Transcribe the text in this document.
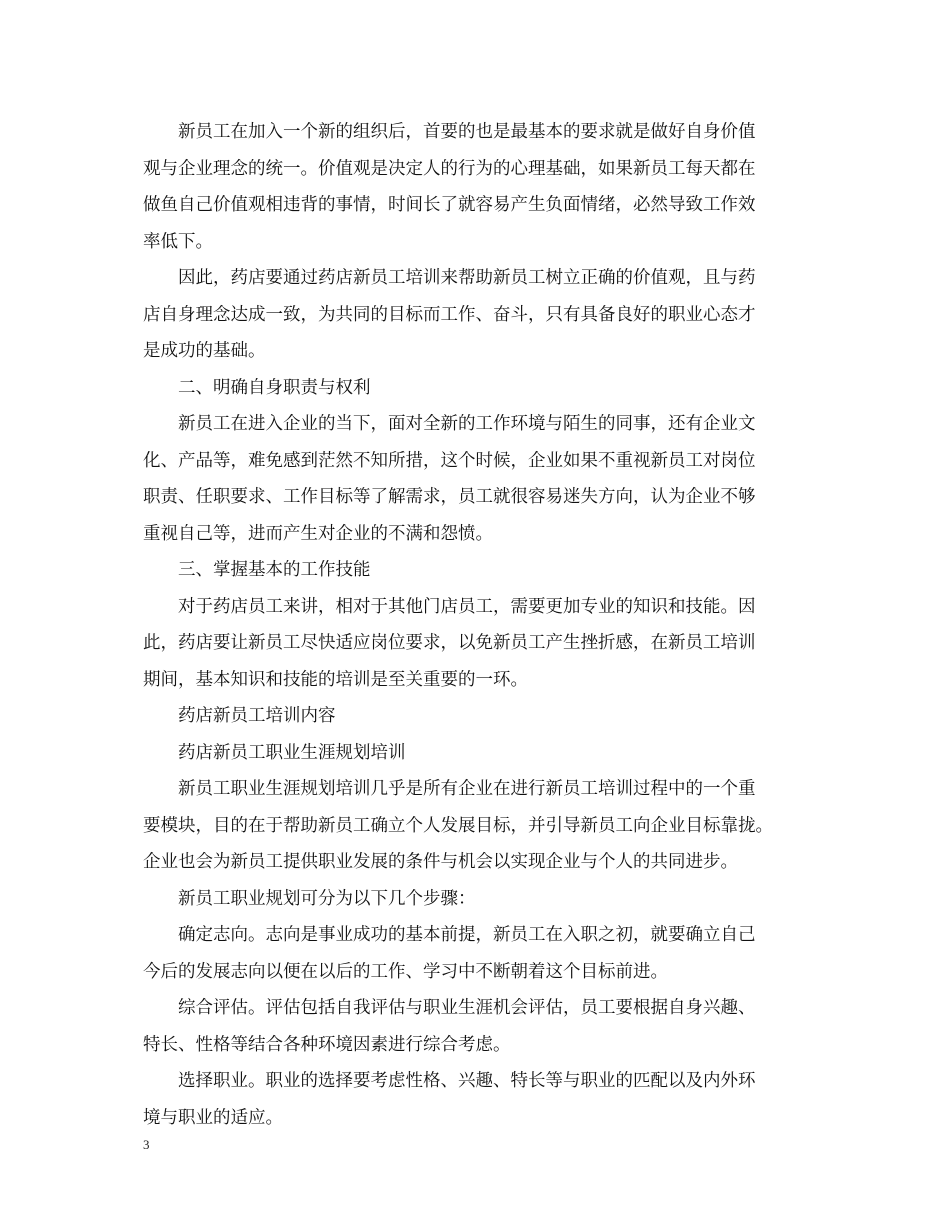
新员工在加入一个新的组织后，首要的也是最基本的要求就是做好自身价值
观与企业理念的统一。价值观是决定人的行为的心理基础，如果新员工每天都在
做鱼自己价值观相违背的事情，时间长了就容易产生负面情绪，必然导致工作效
率低下。
因此，药店要通过药店新员工培训来帮助新员工树立正确的价值观，且与药
店自身理念达成一致，为共同的目标而工作、奋斗，只有具备良好的职业心态才
是成功的基础。
二、明确自身职责与权利
新员工在进入企业的当下，面对全新的工作环境与陌生的同事，还有企业文
化、产品等，难免感到茫然不知所措，这个时候，企业如果不重视新员工对岗位
职责、任职要求、工作目标等了解需求，员工就很容易迷失方向，认为企业不够
重视自己等，进而产生对企业的不满和怨愤。
三、掌握基本的工作技能
对于药店员工来讲，相对于其他门店员工，需要更加专业的知识和技能。因
此，药店要让新员工尽快适应岗位要求，以免新员工产生挫折感，在新员工培训
期间，基本知识和技能的培训是至关重要的一环。
药店新员工培训内容
药店新员工职业生涯规划培训
新员工职业生涯规划培训几乎是所有企业在进行新员工培训过程中的一个重
要模块，目的在于帮助新员工确立个人发展目标，并引导新员工向企业目标靠拢。
企业也会为新员工提供职业发展的条件与机会以实现企业与个人的共同进步。
新员工职业规划可分为以下几个步骤：
确定志向。志向是事业成功的基本前提，新员工在入职之初，就要确立自己
今后的发展志向以便在以后的工作、学习中不断朝着这个目标前进。
综合评估。评估包括自我评估与职业生涯机会评估，员工要根据自身兴趣、
特长、性格等结合各种环境因素进行综合考虑。
选择职业。职业的选择要考虑性格、兴趣、特长等与职业的匹配以及内外环
境与职业的适应。
3
